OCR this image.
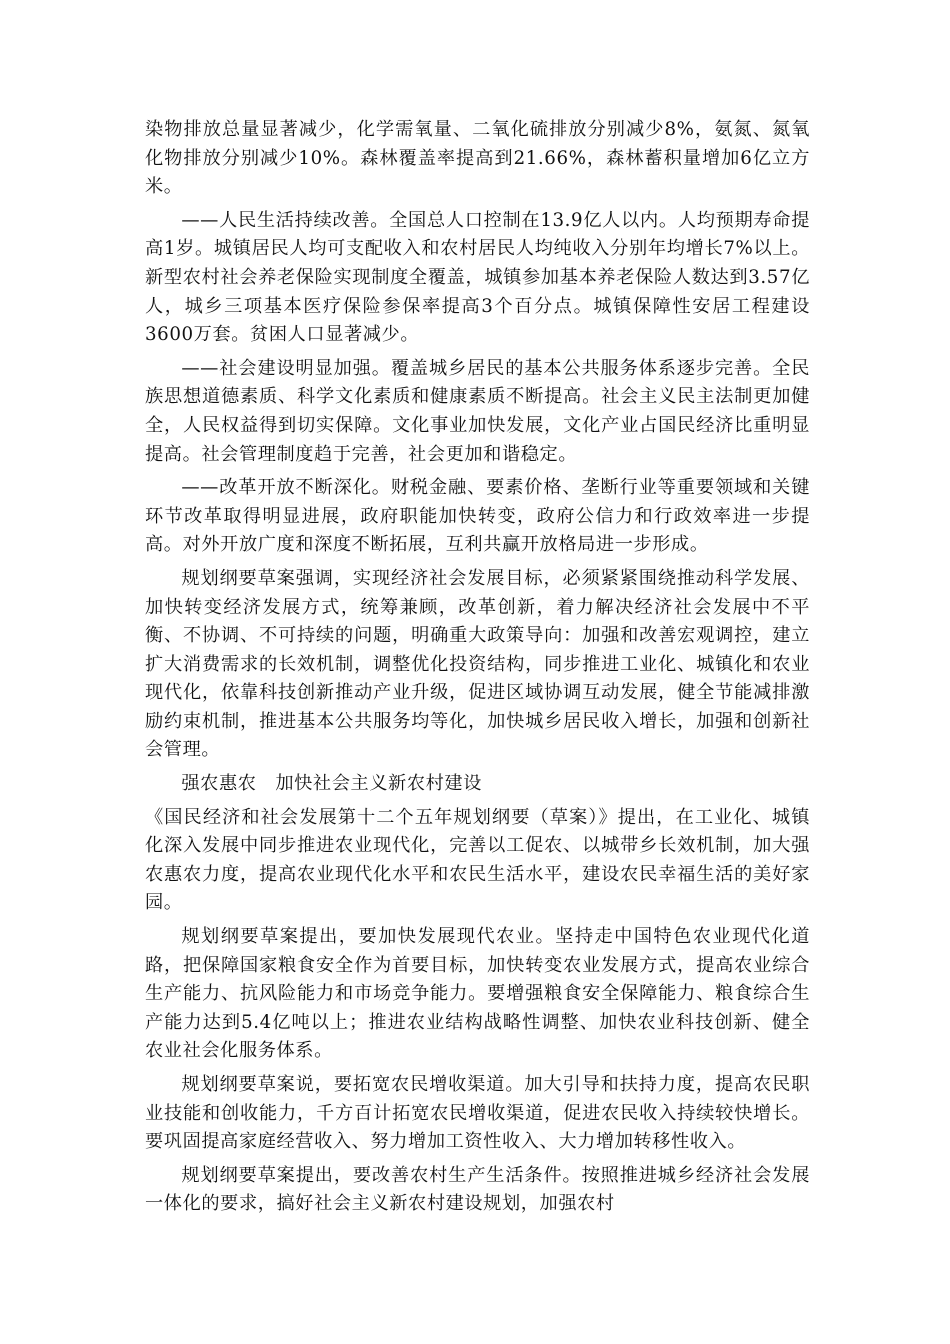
染物排放总量显著减少，化学需氧量、二氧化硫排放分别减少8%，氨氮、氮氧化物排放分别减少10%。森林覆盖率提高到21.66%，森林蓄积量增加6亿立方米。

——人民生活持续改善。全国总人口控制在13.9亿人以内。人均预期寿命提高1岁。城镇居民人均可支配收入和农村居民人均纯收入分别年均增长7%以上。新型农村社会养老保险实现制度全覆盖，城镇参加基本养老保险人数达到3.57亿人，城乡三项基本医疗保险参保率提高3个百分点。城镇保障性安居工程建设3600万套。贫困人口显著减少。

——社会建设明显加强。覆盖城乡居民的基本公共服务体系逐步完善。全民族思想道德素质、科学文化素质和健康素质不断提高。社会主义民主法制更加健全，人民权益得到切实保障。文化事业加快发展，文化产业占国民经济比重明显提高。社会管理制度趋于完善，社会更加和谐稳定。

——改革开放不断深化。财税金融、要素价格、垄断行业等重要领域和关键环节改革取得明显进展，政府职能加快转变，政府公信力和行政效率进一步提高。对外开放广度和深度不断拓展，互利共赢开放格局进一步形成。

规划纲要草案强调，实现经济社会发展目标，必须紧紧围绕推动科学发展、加快转变经济发展方式，统筹兼顾，改革创新，着力解决经济社会发展中不平衡、不协调、不可持续的问题，明确重大政策导向：加强和改善宏观调控，建立扩大消费需求的长效机制，调整优化投资结构，同步推进工业化、城镇化和农业现代化，依靠科技创新推动产业升级，促进区域协调互动发展，健全节能减排激励约束机制，推进基本公共服务均等化，加快城乡居民收入增长，加强和创新社会管理。

强农惠农　加快社会主义新农村建设

《国民经济和社会发展第十二个五年规划纲要（草案）》提出，在工业化、城镇化深入发展中同步推进农业现代化，完善以工促农、以城带乡长效机制，加大强农惠农力度，提高农业现代化水平和农民生活水平，建设农民幸福生活的美好家园。

规划纲要草案提出，要加快发展现代农业。坚持走中国特色农业现代化道路，把保障国家粮食安全作为首要目标，加快转变农业发展方式，提高农业综合生产能力、抗风险能力和市场竞争能力。要增强粮食安全保障能力、粮食综合生产能力达到5.4亿吨以上；推进农业结构战略性调整、加快农业科技创新、健全农业社会化服务体系。

规划纲要草案说，要拓宽农民增收渠道。加大引导和扶持力度，提高农民职业技能和创收能力，千方百计拓宽农民增收渠道，促进农民收入持续较快增长。要巩固提高家庭经营收入、努力增加工资性收入、大力增加转移性收入。

规划纲要草案提出，要改善农村生产生活条件。按照推进城乡经济社会发展一体化的要求，搞好社会主义新农村建设规划，加强农村
